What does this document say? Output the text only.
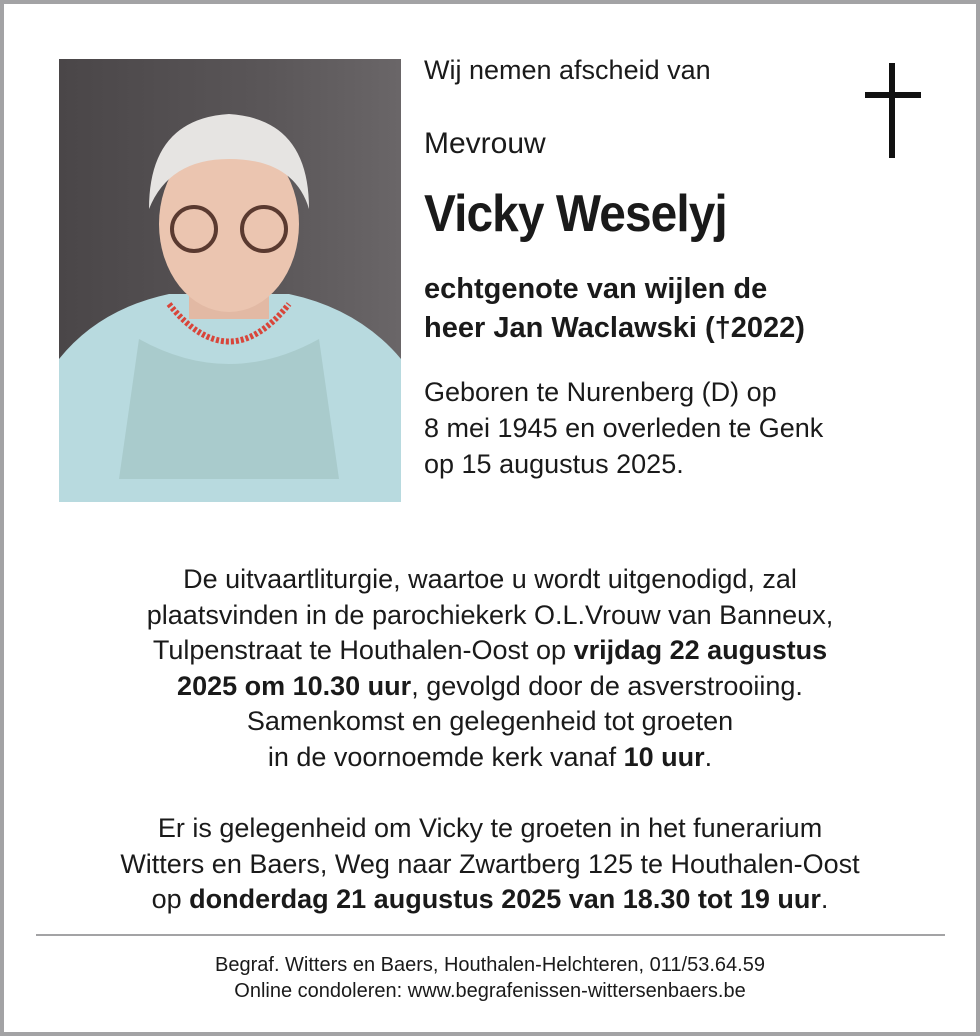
Wij nemen afscheid van
Mevrouw
Vicky Weselyj
echtgenote van wijlen de
heer Jan Waclawski (†2022)
Geboren te Nurenberg (D) op
8 mei 1945 en overleden te Genk
op 15 augustus 2025.
De uitvaartliturgie, waartoe u wordt uitgenodigd, zal
plaatsvinden in de parochiekerk O.L.Vrouw van Banneux,
Tulpenstraat te Houthalen-Oost op vrijdag 22 augustus
2025 om 10.30 uur, gevolgd door de asverstrooiing.
Samenkomst en gelegenheid tot groeten
in de voornoemde kerk vanaf 10 uur.
Er is gelegenheid om Vicky te groeten in het funerarium
Witters en Baers, Weg naar Zwartberg 125 te Houthalen-Oost
op donderdag 21 augustus 2025 van 18.30 tot 19 uur.
Begraf. Witters en Baers, Houthalen-Helchteren, 011/53.64.59
Online condoleren: www.begrafenissen-wittersenbaers.be
